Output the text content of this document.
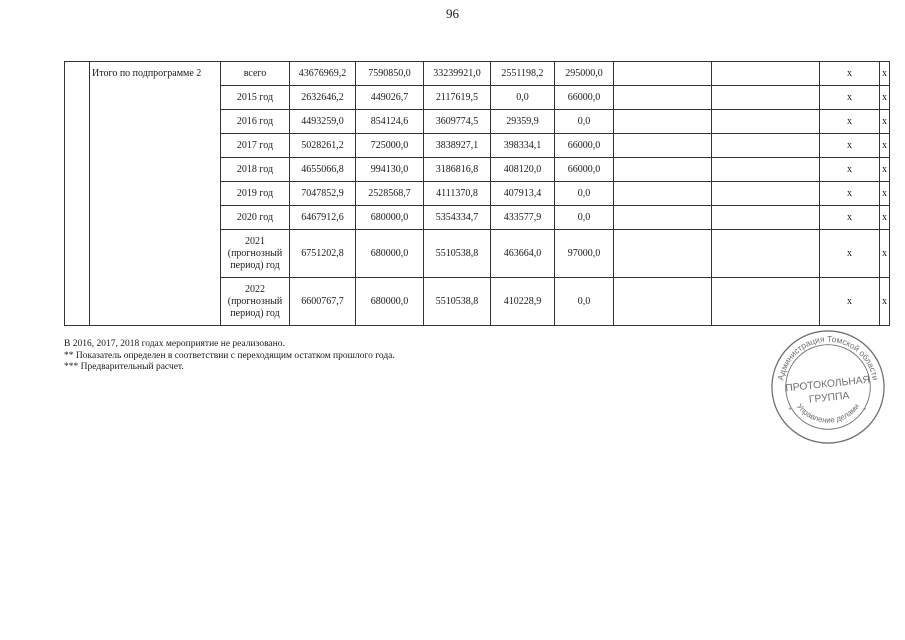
96
	Итого по подпрограмме 2	всего	43676969,2	7590850,0	33239921,0	2551198,2	295000,0			x	x
		2015 год	2632646,2	449026,7	2117619,5	0,0	66000,0			x	x
		2016 год	4493259,0	854124,6	3609774,5	29359,9	0,0			x	x
		2017 год	5028261,2	725000,0	3838927,1	398334,1	66000,0			x	x
		2018 год	4655066,8	994130,0	3186816,8	408120,0	66000,0			x	x
		2019 год	7047852,9	2528568,7	4111370,8	407913,4	0,0			x	x
		2020 год	6467912,6	680000,0	5354334,7	433577,9	0,0			x	x
		2021 (прогнозный период) год	6751202,8	680000,0	5510538,8	463664,0	97000,0			x	x
		2022 (прогнозный период) год	6600767,7	680000,0	5510538,8	410228,9	0,0			x	x
В 2016, 2017, 2018 годах мероприятие не реализовано.
** Показатель определен в соответствии с переходящим остатком прошлого года.
*** Предварительный расчет.
Администрация Томской области
Управление делами
ПРОТОКОЛЬНАЯ
ГРУППА
*	*
